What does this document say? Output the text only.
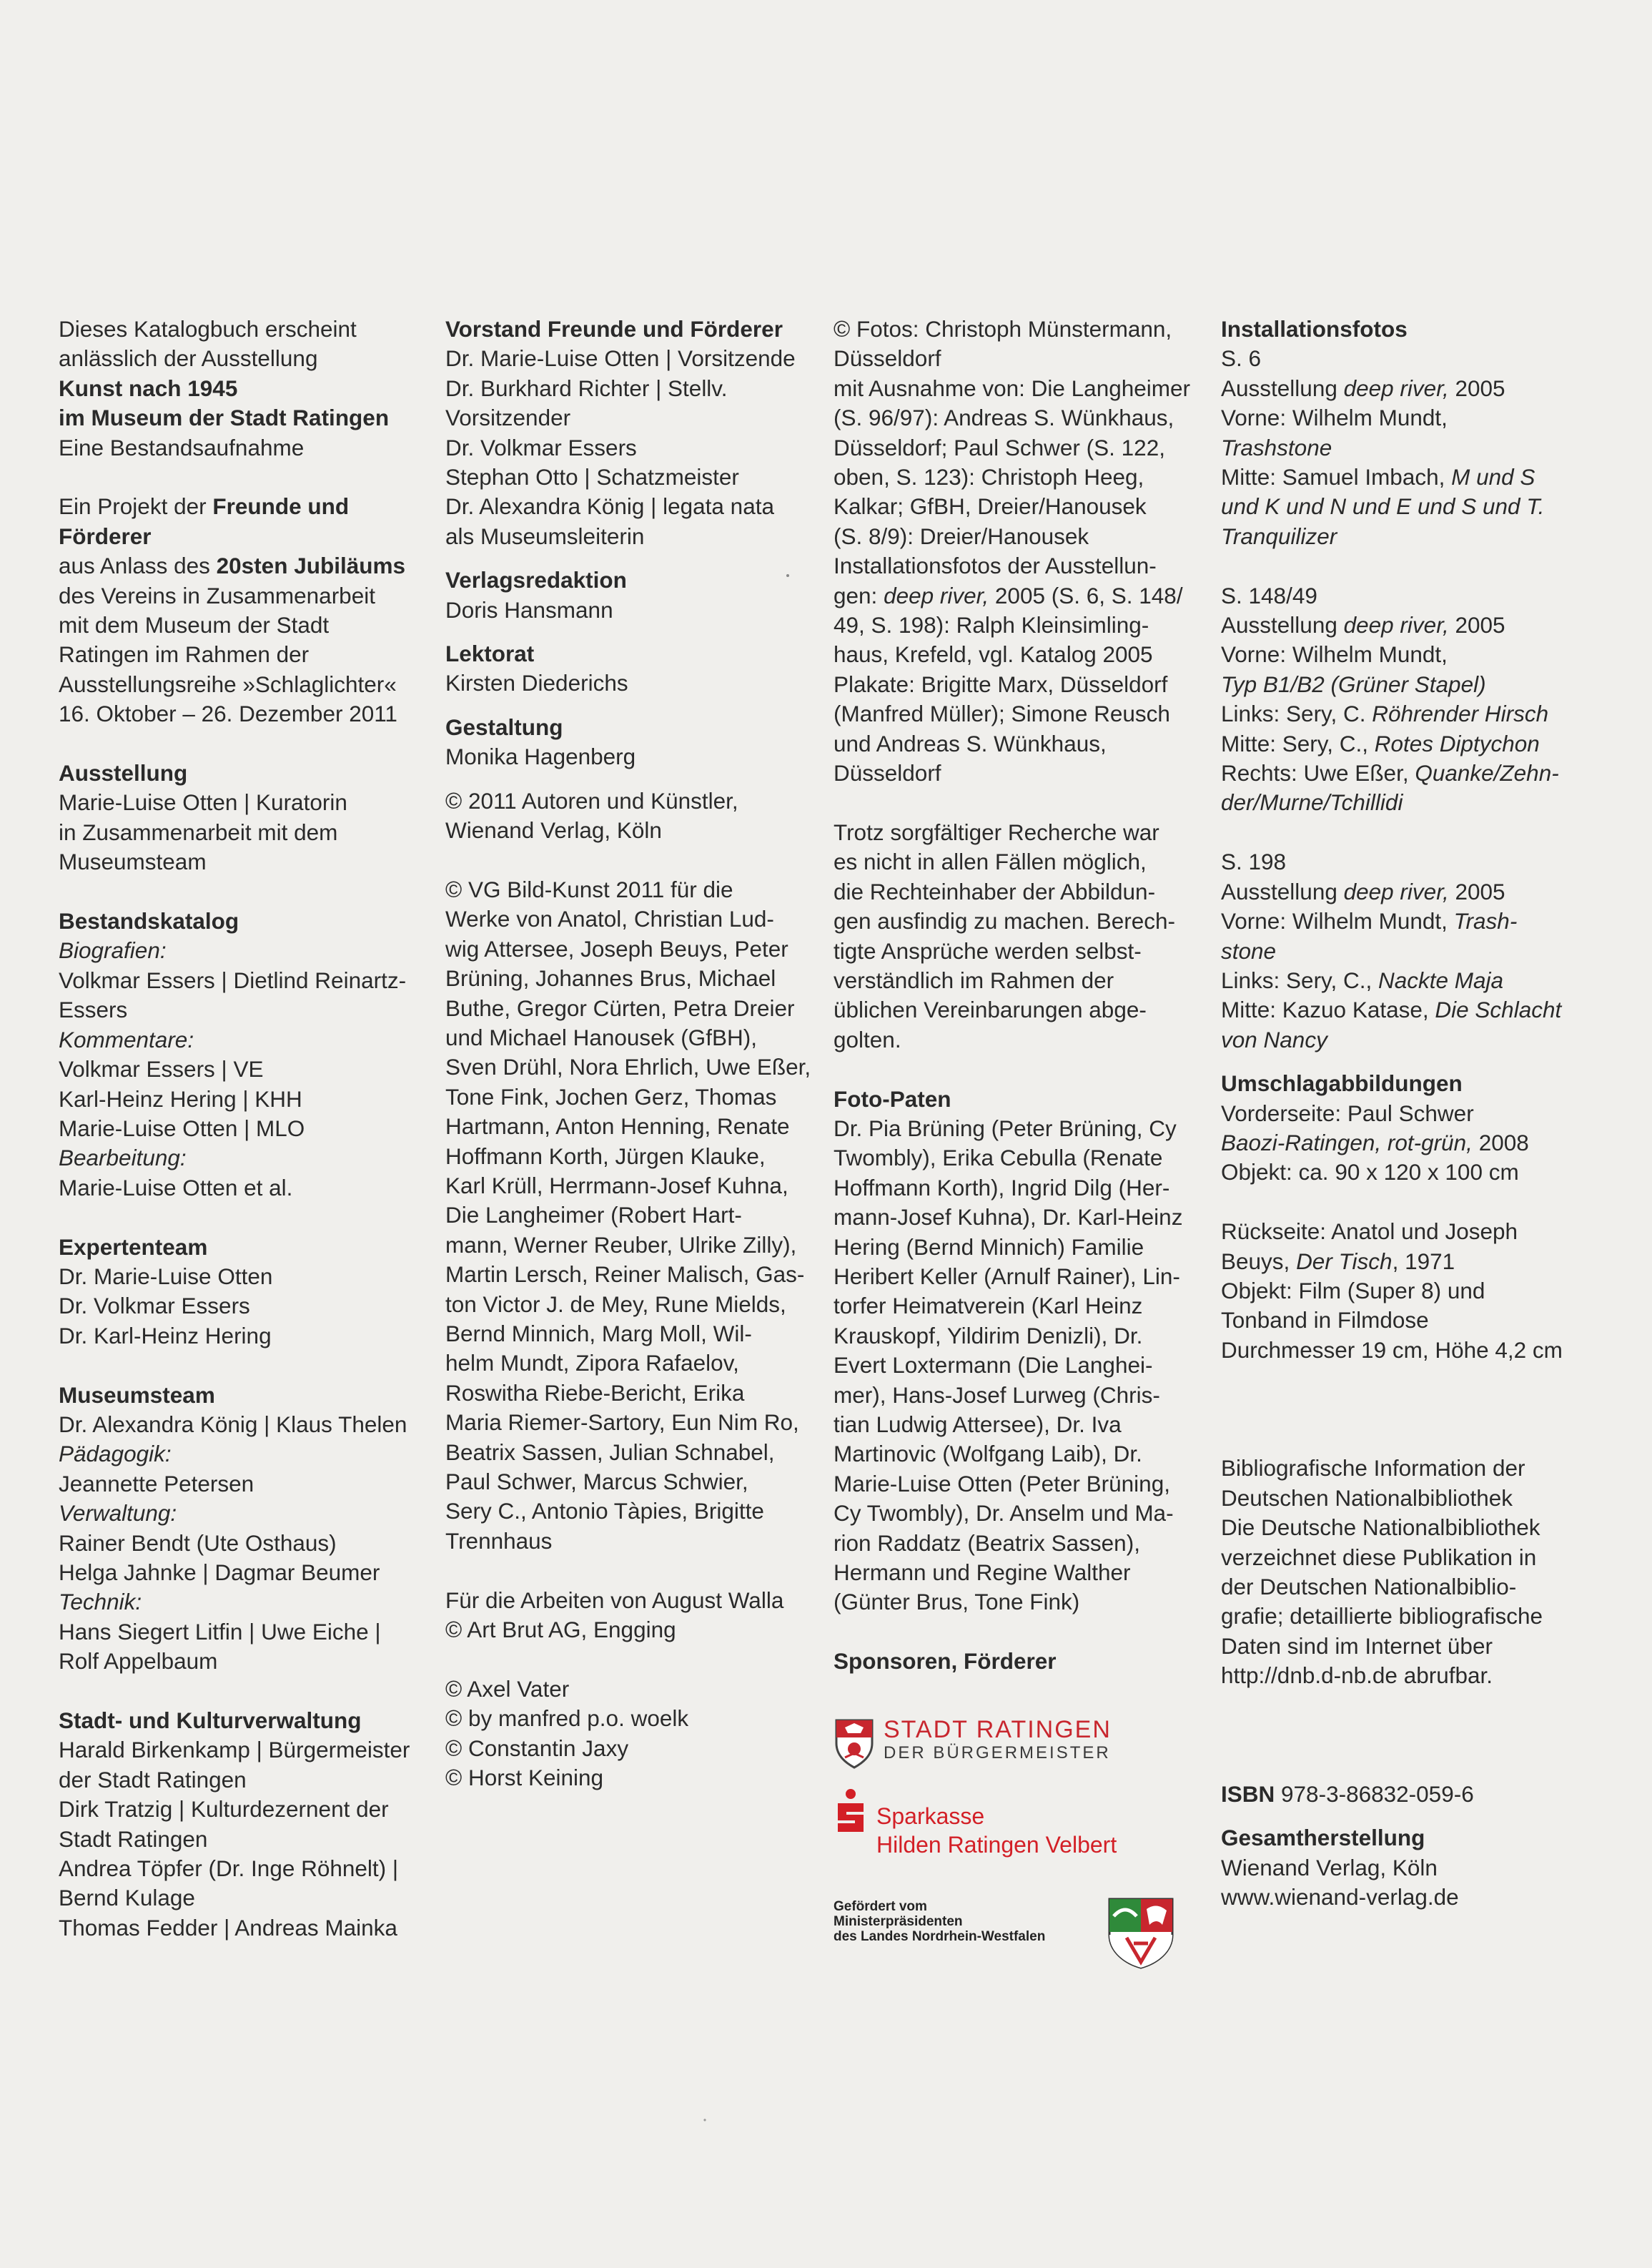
Dieses Katalogbuch erscheint
anlässlich der Ausstellung
Kunst nach 1945
im Museum der Stadt Ratingen
Eine Bestandsaufnahme
Ein Projekt der Freunde und
Förderer
aus Anlass des 20sten Jubiläums
des Vereins in Zusammenarbeit
mit dem Museum der Stadt
Ratingen im Rahmen der
Ausstellungsreihe »Schlaglichter«
16. Oktober – 26. Dezember 2011
Ausstellung
Marie-Luise Otten | Kuratorin
in Zusammenarbeit mit dem
Museumsteam
Bestandskatalog
Biografien:
Volkmar Essers | Dietlind Reinartz-
Essers
Kommentare:
Volkmar Essers | VE
Karl-Heinz Hering | KHH
Marie-Luise Otten | MLO
Bearbeitung:
Marie-Luise Otten et al.
Expertenteam
Dr. Marie-Luise Otten
Dr. Volkmar Essers
Dr. Karl-Heinz Hering
Museumsteam
Dr. Alexandra König | Klaus Thelen
Pädagogik:
Jeannette Petersen
Verwaltung:
Rainer Bendt (Ute Osthaus)
Helga Jahnke | Dagmar Beumer
Technik:
Hans Siegert Litfin | Uwe Eiche |
Rolf Appelbaum
Stadt- und Kulturverwaltung
Harald Birkenkamp | Bürgermeister
der Stadt Ratingen
Dirk Tratzig | Kulturdezernent der
Stadt Ratingen
Andrea Töpfer (Dr. Inge Röhnelt) |
Bernd Kulage
Thomas Fedder | Andreas Mainka
Vorstand Freunde und Förderer
Dr. Marie-Luise Otten | Vorsitzende
Dr. Burkhard Richter | Stellv.
Vorsitzender
Dr. Volkmar Essers
Stephan Otto | Schatzmeister
Dr. Alexandra König | legata nata
als Museumsleiterin
Verlagsredaktion
Doris Hansmann
Lektorat
Kirsten Diederichs
Gestaltung
Monika Hagenberg
© 2011 Autoren und Künstler,
Wienand Verlag, Köln
© VG Bild-Kunst 2011 für die
Werke von Anatol, Christian Lud-
wig Attersee, Joseph Beuys, Peter
Brüning, Johannes Brus, Michael
Buthe, Gregor Cürten, Petra Dreier
und Michael Hanousek (GfBH),
Sven Drühl, Nora Ehrlich, Uwe Eßer,
Tone Fink, Jochen Gerz, Thomas
Hartmann, Anton Henning, Renate
Hoffmann Korth, Jürgen Klauke,
Karl Krüll, Herrmann-Josef Kuhna,
Die Langheimer (Robert Hart-
mann, Werner Reuber, Ulrike Zilly),
Martin Lersch, Reiner Malisch, Gas-
ton Victor J. de Mey, Rune Mields,
Bernd Minnich, Marg Moll, Wil-
helm Mundt, Zipora Rafaelov,
Roswitha Riebe-Bericht, Erika
Maria Riemer-Sartory, Eun Nim Ro,
Beatrix Sassen, Julian Schnabel,
Paul Schwer, Marcus Schwier,
Sery C., Antonio Tàpies, Brigitte
Trennhaus
Für die Arbeiten von August Walla
© Art Brut AG, Engging
© Axel Vater
© by manfred p.o. woelk
© Constantin Jaxy
© Horst Keining
© Fotos: Christoph Münstermann,
Düsseldorf
mit Ausnahme von: Die Langheimer
(S. 96/97): Andreas S. Wünkhaus,
Düsseldorf; Paul Schwer (S. 122,
oben, S. 123): Christoph Heeg,
Kalkar; GfBH, Dreier/Hanousek
(S. 8/9): Dreier/Hanousek
Installationsfotos der Ausstellun-
gen: deep river, 2005 (S. 6, S. 148/
49, S. 198): Ralph Kleinsimling-
haus, Krefeld, vgl. Katalog 2005
Plakate: Brigitte Marx, Düsseldorf
(Manfred Müller); Simone Reusch
und Andreas S. Wünkhaus,
Düsseldorf
Trotz sorgfältiger Recherche war
es nicht in allen Fällen möglich,
die Rechteinhaber der Abbildun-
gen ausfindig zu machen. Berech-
tigte Ansprüche werden selbst-
verständlich im Rahmen der
üblichen Vereinbarungen abge-
golten.
Foto-Paten
Dr. Pia Brüning (Peter Brüning, Cy
Twombly), Erika Cebulla (Renate
Hoffmann Korth), Ingrid Dilg (Her-
mann-Josef Kuhna), Dr. Karl-Heinz
Hering (Bernd Minnich) Familie
Heribert Keller (Arnulf Rainer), Lin-
torfer Heimatverein (Karl Heinz
Krauskopf, Yildirim Denizli), Dr.
Evert Loxtermann (Die Langhei-
mer), Hans-Josef Lurweg (Chris-
tian Ludwig Attersee), Dr. Iva
Martinovic (Wolfgang Laib), Dr.
Marie-Luise Otten (Peter Brüning,
Cy Twombly), Dr. Anselm und Ma-
rion Raddatz (Beatrix Sassen),
Hermann und Regine Walther
(Günter Brus, Tone Fink)
Sponsoren, Förderer
Installationsfotos
S. 6
Ausstellung deep river, 2005
Vorne: Wilhelm Mundt,
Trashstone
Mitte: Samuel Imbach, M und S
und K und N und E und S und T.
Tranquilizer
S. 148/49
Ausstellung deep river, 2005
Vorne: Wilhelm Mundt,
Typ B1/B2 (Grüner Stapel)
Links: Sery, C. Röhrender Hirsch
Mitte: Sery, C., Rotes Diptychon
Rechts: Uwe Eßer, Quanke/Zehn-
der/Murne/Tchillidi
S. 198
Ausstellung deep river, 2005
Vorne: Wilhelm Mundt, Trash-
stone
Links: Sery, C., Nackte Maja
Mitte: Kazuo Katase, Die Schlacht
von Nancy
Umschlagabbildungen
Vorderseite: Paul Schwer
Baozi-Ratingen, rot-grün, 2008
Objekt: ca. 90 x 120 x 100 cm
Rückseite: Anatol und Joseph
Beuys, Der Tisch, 1971
Objekt: Film (Super 8) und
Tonband in Filmdose
Durchmesser 19 cm, Höhe 4,2 cm
Bibliografische Information der
Deutschen Nationalbibliothek
Die Deutsche Nationalbibliothek
verzeichnet diese Publikation in
der Deutschen Nationalbiblio-
grafie; detaillierte bibliografische
Daten sind im Internet über
http://dnb.d-nb.de abrufbar.
ISBN 978-3-86832-059-6
Gesamtherstellung
Wienand Verlag, Köln
www.wienand-verlag.de
STADT RATINGEN
DER BÜRGERMEISTER
Sparkasse
Hilden Ratingen Velbert
Gefördert vom
Ministerpräsidenten
des Landes Nordrhein-Westfalen
